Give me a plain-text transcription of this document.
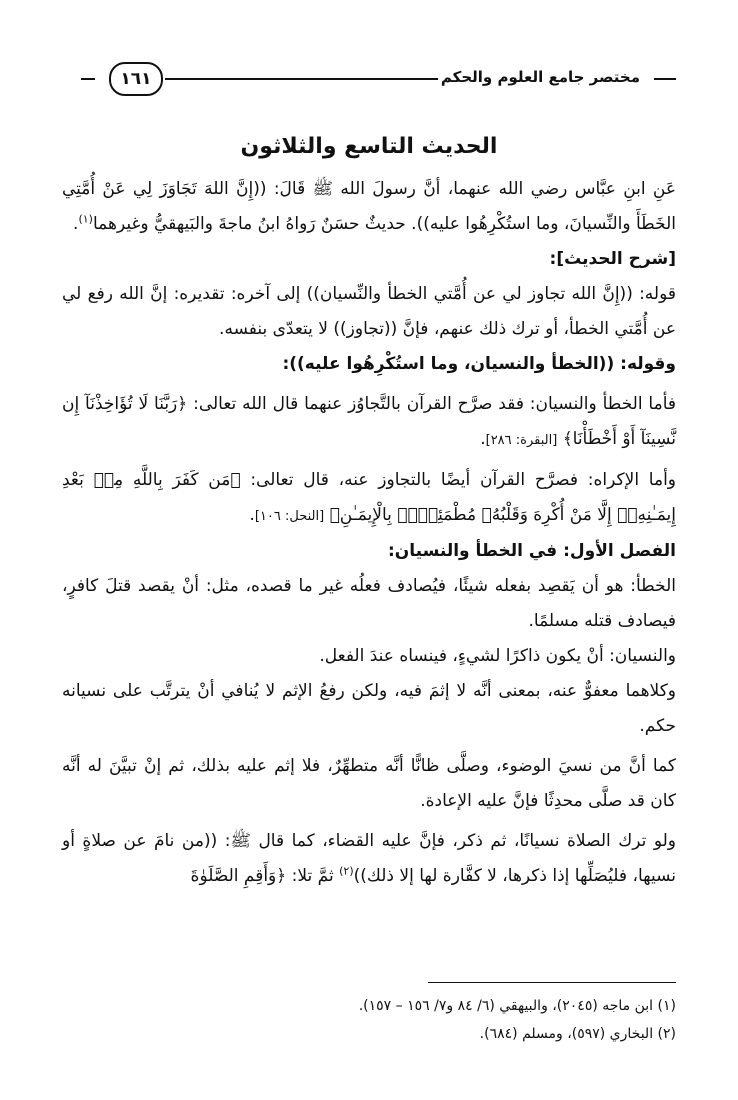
مختصر جامع العلوم والحكم
١٦١
الحديث التاسع والثلاثون

عَنِ ابنِ عبَّاس رضي الله عنهما، أنَّ رسولَ الله ﷺ قَالَ: ((إِنَّ اللهَ تَجَاوَزَ لِي عَنْ أُمَّتِي الخَطَأَ والنِّسيانَ، وما استُكْرِهُوا عليه)). حديثٌ حسَنٌ رَواهُ ابنُ ماجةَ والبَيهقيُّ وغيرهما$^{(١)}$.

[شرح الحديث]:

قوله: ((إِنَّ الله تجاوز لي عن أُمَّتي الخطأ والنِّسيان)) إلى آخره: تقديره: إنَّ الله رفع لي عن أُمَّتي الخطأ، أو ترك ذلك عنهم، فإنَّ ((تجاوز)) لا يتعدّى بنفسه.

وقوله: ((الخطأ والنسيان، وما استُكْرِهُوا عليه)):

فأما الخطأ والنسيان: فقد صرَّح القرآن بالتَّجاوُز عنهما قال الله تعالى: ﴿رَبَّنَا لَا تُؤَاخِذْنَآ إِن نَّسِينَآ أَوْ أَخْطَأْنَا﴾ [البقرة: ٢٨٦].

وأما الإكراه: فصرَّح القرآن أيضًا بالتجاوز عنه، قال تعالى: ﴿مَن كَفَرَ بِاللَّهِ مِنۢ بَعْدِ إِيمَـٰنِهِۦٓ إِلَّا مَنْ أُكْرِهَ وَقَلْبُهُۥ مُطْمَئِنٌّۢ بِالْإِيمَـٰنِ﴾ [النحل: ١٠٦].

الفصل الأول: في الخطأ والنسيان:

الخطأ: هو أن يَقصِد بفعله شيئًا، فيُصادف فعلُه غير ما قصده، مثل: أنْ يقصد قتلَ كافرٍ، فيصادف قتله مسلمًا.

والنسيان: أنْ يكون ذاكرًا لشيءٍ، فينساه عندَ الفعل.

وكلاهما معفوٌّ عنه، بمعنى أنَّه لا إثمَ فيه، ولكن رفعُ الإثم لا يُنافي أنْ يترتَّب على نسيانه حكم.

كما أنَّ من نسيَ الوضوء، وصلَّى ظانًّا أنَّه متطهِّرٌ، فلا إثم عليه بذلك، ثم إنْ تبيَّنَ له أنَّه كان قد صلَّى محدِثًا فإنَّ عليه الإعادة.

ولو ترك الصلاة نسيانًا، ثم ذكر، فإنَّ عليه القضاء، كما قال ﷺ: ((من نامَ عن صلاةٍ أو نسيها، فليُصَلِّها إذا ذكرها، لا كفَّارة لها إلا ذلك))$^{(٢)}$ ثمَّ تلا: ﴿وَأَقِمِ الصَّلَوٰةَ

(١) ابن ماجه (٢٠٤٥)، والبيهقي (٦/ ٨٤ و٧/ ١٥٦ – ١٥٧).
(٢) البخاري (٥٩٧)، ومسلم (٦٨٤).
